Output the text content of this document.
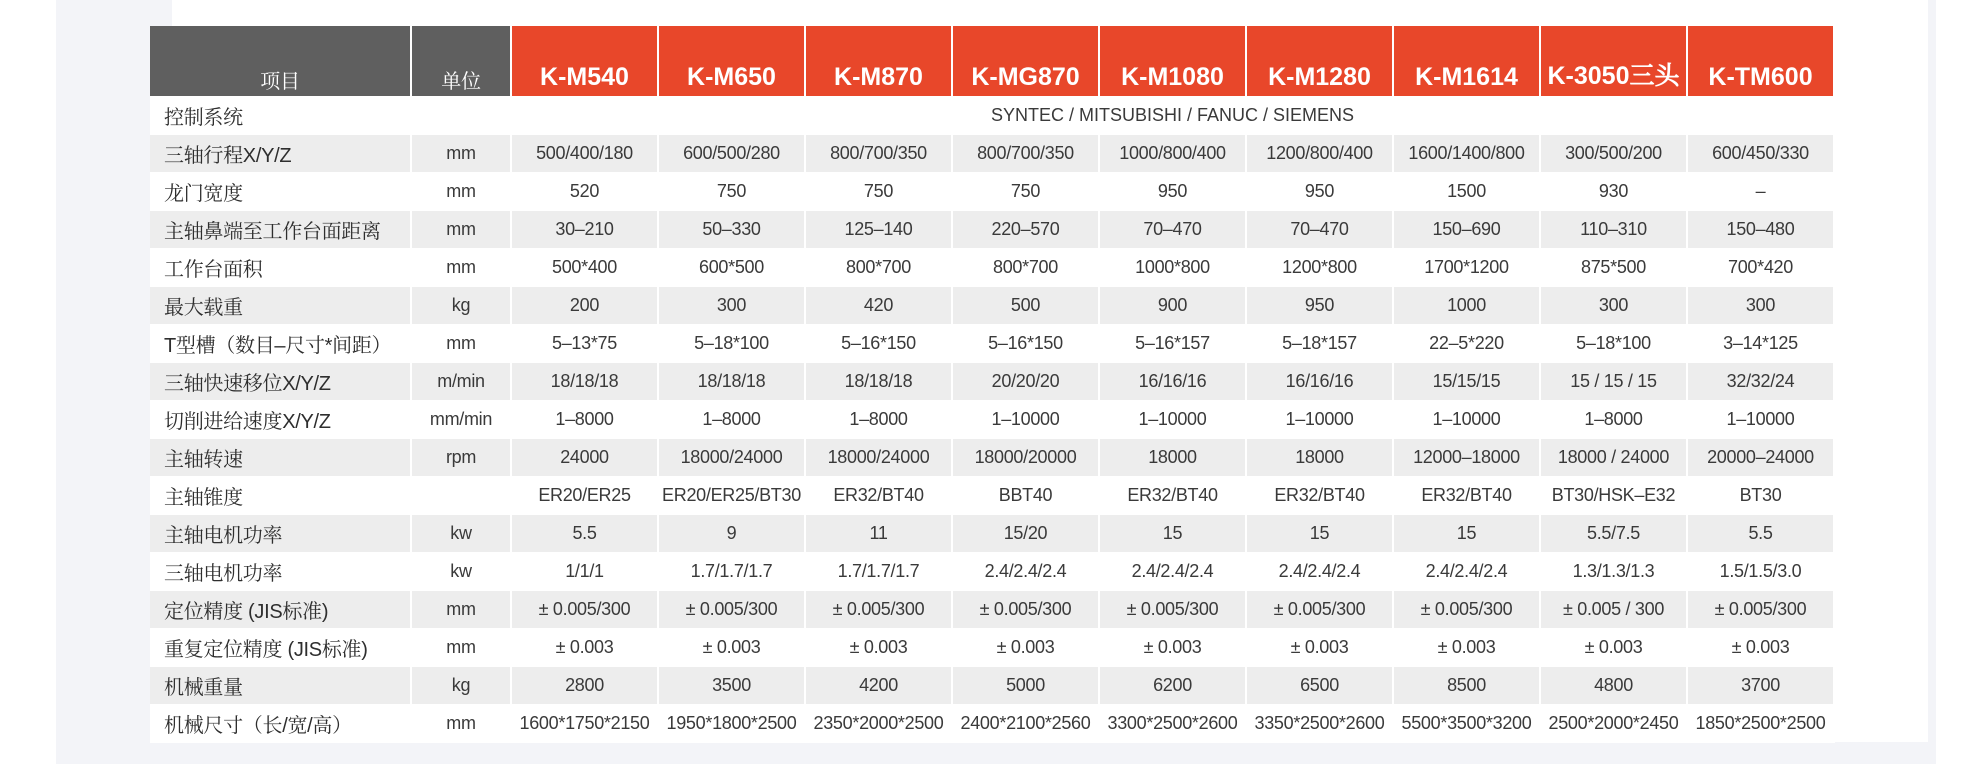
项目	单位	K-M540	K-M650	K-M870	K-MG870	K-M1080	K-M1280	K-M1614	K-3050三头	K-TM600
控制系统		SYNTEC / MITSUBISHI / FANUC / SIEMENS								
三轴行程X/Y/Z	mm	500/400/180	600/500/280	800/700/350	800/700/350	1000/800/400	1200/800/400	1600/1400/800	300/500/200	600/450/330
龙门宽度	mm	520	750	750	750	950	950	1500	930	–
主轴鼻端至工作台面距离	mm	30–210	50–330	125–140	220–570	70–470	70–470	150–690	110–310	150–480
工作台面积	mm	500*400	600*500	800*700	800*700	1000*800	1200*800	1700*1200	875*500	700*420
最大载重	kg	200	300	420	500	900	950	1000	300	300
T型槽（数目–尺寸*间距）	mm	5–13*75	5–18*100	5–16*150	5–16*150	5–16*157	5–18*157	22–5*220	5–18*100	3–14*125
三轴快速移位X/Y/Z	m/min	18/18/18	18/18/18	18/18/18	20/20/20	16/16/16	16/16/16	15/15/15	15 / 15 / 15	32/32/24
切削进给速度X/Y/Z	mm/min	1–8000	1–8000	1–8000	1–10000	1–10000	1–10000	1–10000	1–8000	1–10000
主轴转速	rpm	24000	18000/24000	18000/24000	18000/20000	18000	18000	12000–18000	18000 / 24000	20000–24000
主轴锥度		ER20/ER25	ER20/ER25/BT30	ER32/BT40	BBT40	ER32/BT40	ER32/BT40	ER32/BT40	BT30/HSK–E32	BT30
主轴电机功率	kw	5.5	9	11	15/20	15	15	15	5.5/7.5	5.5
三轴电机功率	kw	1/1/1	1.7/1.7/1.7	1.7/1.7/1.7	2.4/2.4/2.4	2.4/2.4/2.4	2.4/2.4/2.4	2.4/2.4/2.4	1.3/1.3/1.3	1.5/1.5/3.0
定位精度 (JIS标准)	mm	± 0.005/300	± 0.005/300	± 0.005/300	± 0.005/300	± 0.005/300	± 0.005/300	± 0.005/300	± 0.005 / 300	± 0.005/300
重复定位精度 (JIS标准)	mm	± 0.003	± 0.003	± 0.003	± 0.003	± 0.003	± 0.003	± 0.003	± 0.003	± 0.003
机械重量	kg	2800	3500	4200	5000	6200	6500	8500	4800	3700
机械尺寸（长/宽/高）	mm	1600*1750*2150	1950*1800*2500	2350*2000*2500	2400*2100*2560	3300*2500*2600	3350*2500*2600	5500*3500*3200	2500*2000*2450	1850*2500*2500
